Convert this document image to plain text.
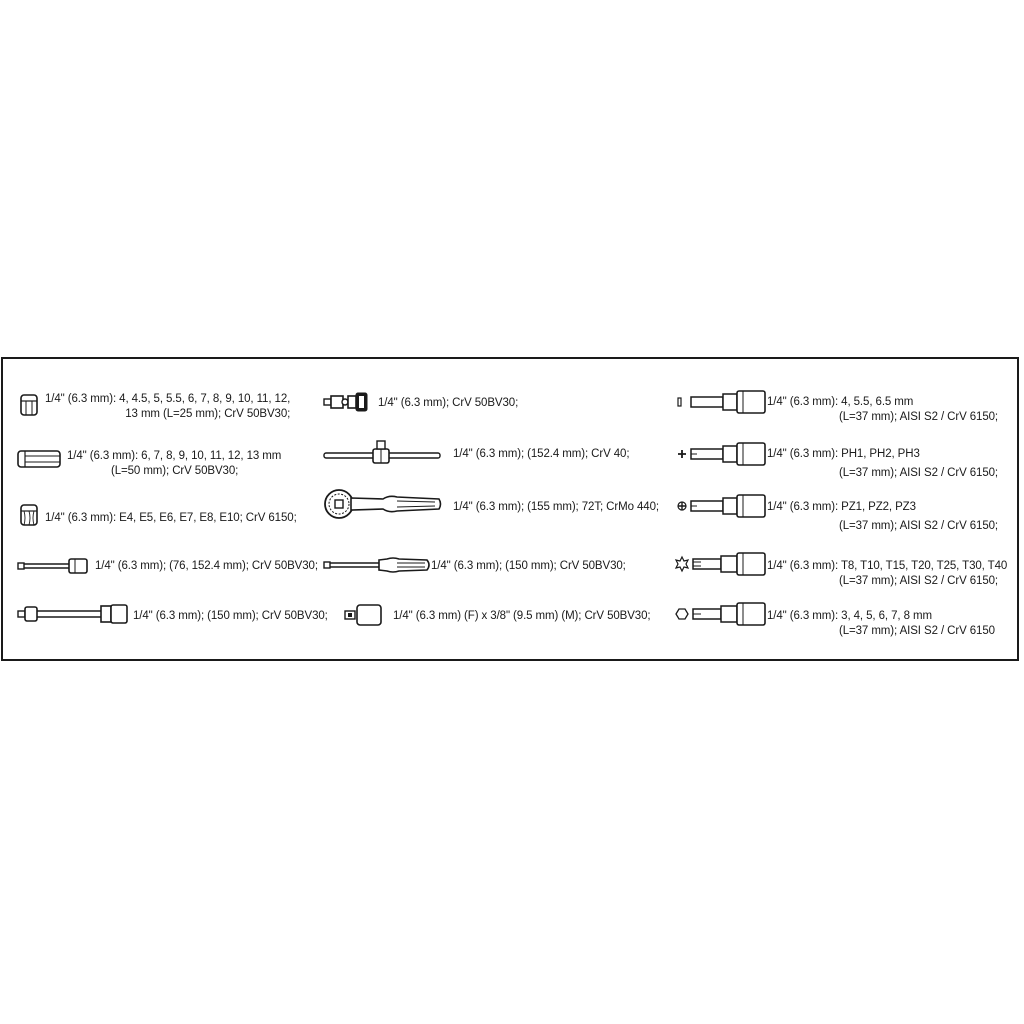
1/4" (6.3 mm): 4, 4.5, 5, 5.5, 6, 7, 8, 9, 10, 11, 12,
13 mm (L=25 mm); CrV 50BV30;
1/4" (6.3 mm): 6, 7, 8, 9, 10, 11, 12, 13 mm
(L=50 mm); CrV 50BV30;
1/4" (6.3 mm): E4, E5, E6, E7, E8, E10; CrV 6150;
1/4" (6.3 mm); (76, 152.4 mm); CrV 50BV30;
1/4" (6.3 mm); (150 mm); CrV 50BV30;
1/4" (6.3 mm); CrV 50BV30;
1/4" (6.3 mm); (152.4 mm); CrV 40;
1/4" (6.3 mm); (155 mm); 72T; CrMo 440;
1/4" (6.3 mm); (150 mm); CrV 50BV30;
1/4" (6.3 mm) (F) x 3/8" (9.5 mm) (M); CrV 50BV30;
1/4" (6.3 mm): 4, 5.5, 6.5 mm
(L=37 mm); AISI S2 / CrV 6150;
1/4" (6.3 mm): PH1, PH2, PH3
(L=37 mm); AISI S2 / CrV 6150;
1/4" (6.3 mm): PZ1, PZ2, PZ3
(L=37 mm); AISI S2 / CrV 6150;
1/4" (6.3 mm): T8, T10, T15, T20, T25, T30, T40
(L=37 mm); AISI S2 / CrV 6150;
1/4" (6.3 mm): 3, 4, 5, 6, 7, 8 mm
(L=37 mm); AISI S2 / CrV 6150
